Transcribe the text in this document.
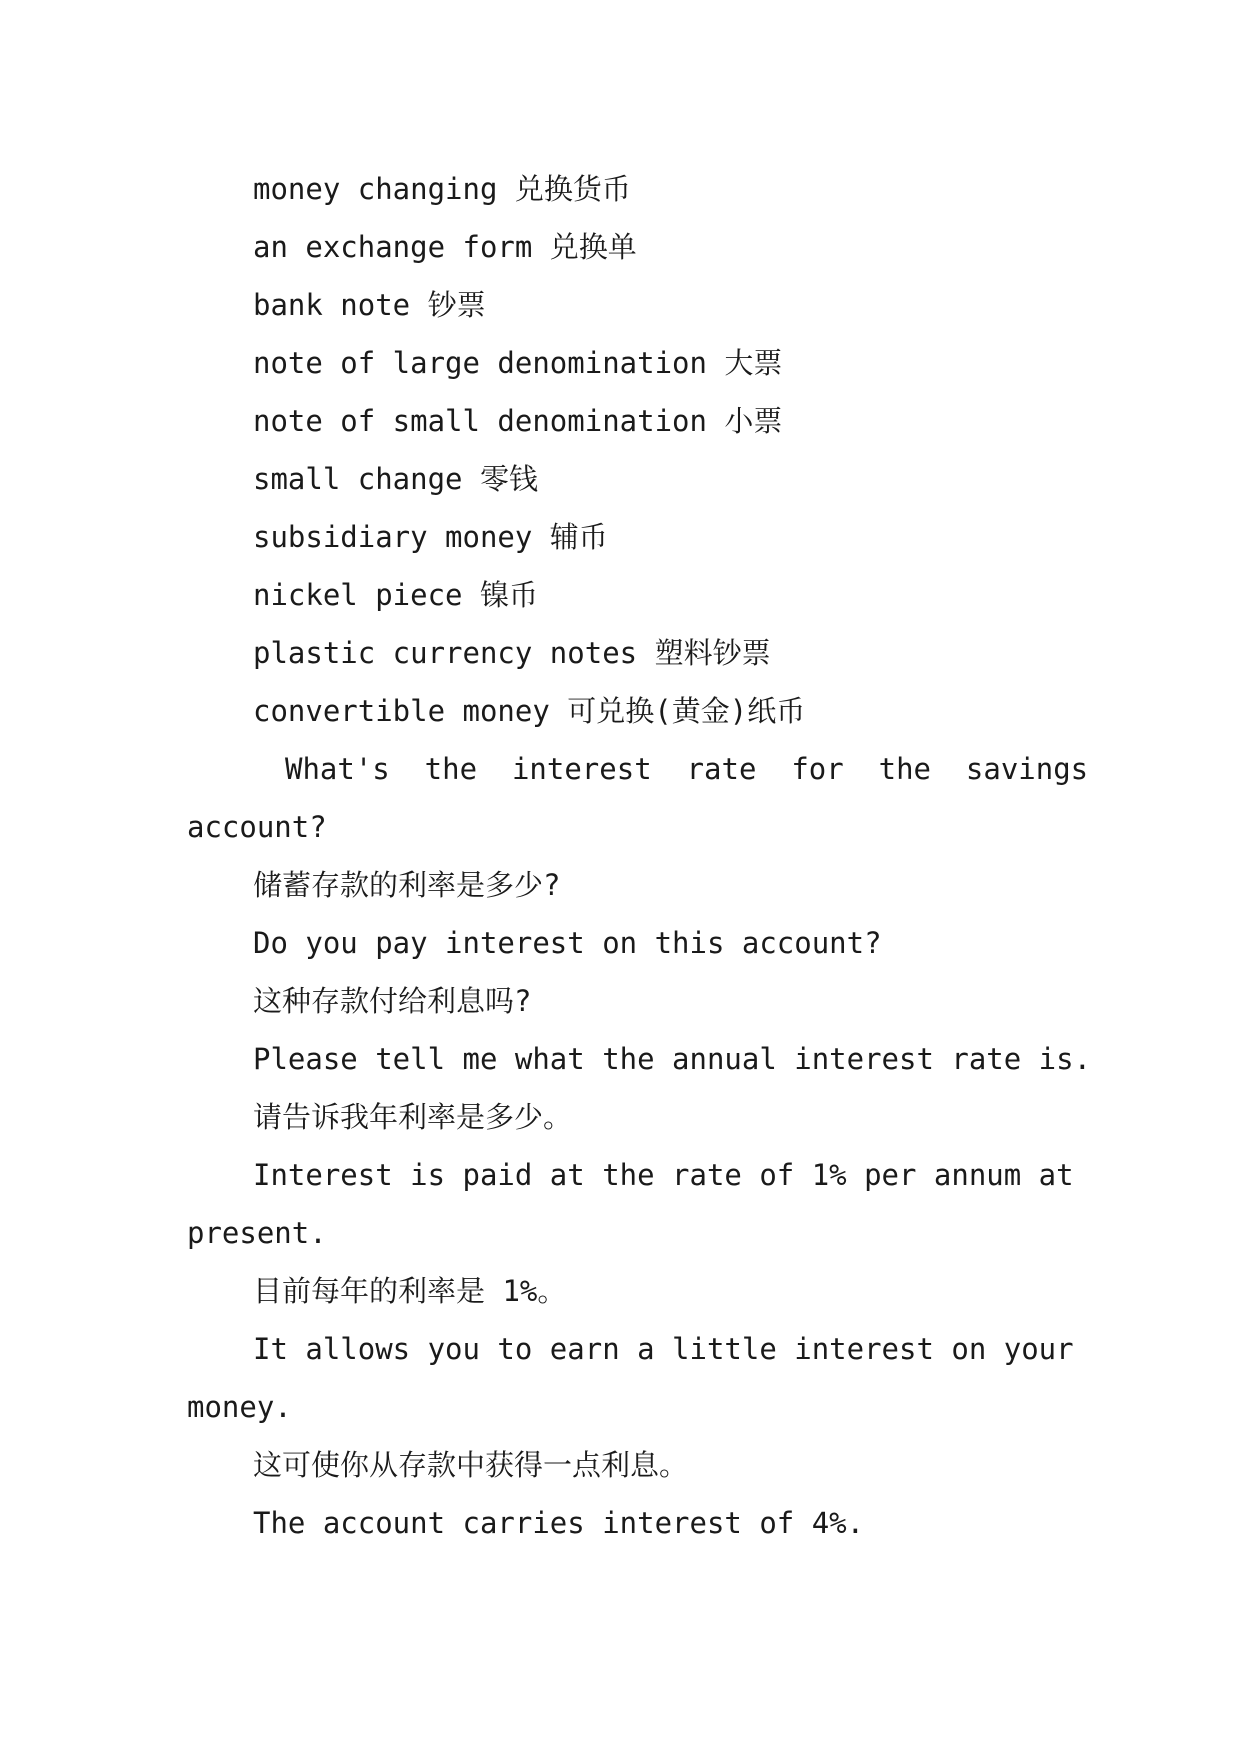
money changing 兑换货币
an exchange form 兑换单
bank note 钞票
note of large denomination 大票
note of small denomination 小票
small change 零钱
subsidiary money 辅币
nickel piece 镍币
plastic currency notes 塑料钞票
convertible money 可兑换(黄金)纸币
What's  the  interest  rate  for  the  savings
account?
储蓄存款的利率是多少?
Do you pay interest on this account?
这种存款付给利息吗?
Please tell me what the annual interest rate is.
请告诉我年利率是多少。
Interest is paid at the rate of 1% per annum at
present.
目前每年的利率是 1%。
It allows you to earn a little interest on your
money.
这可使你从存款中获得一点利息。
The account carries interest of 4%.
